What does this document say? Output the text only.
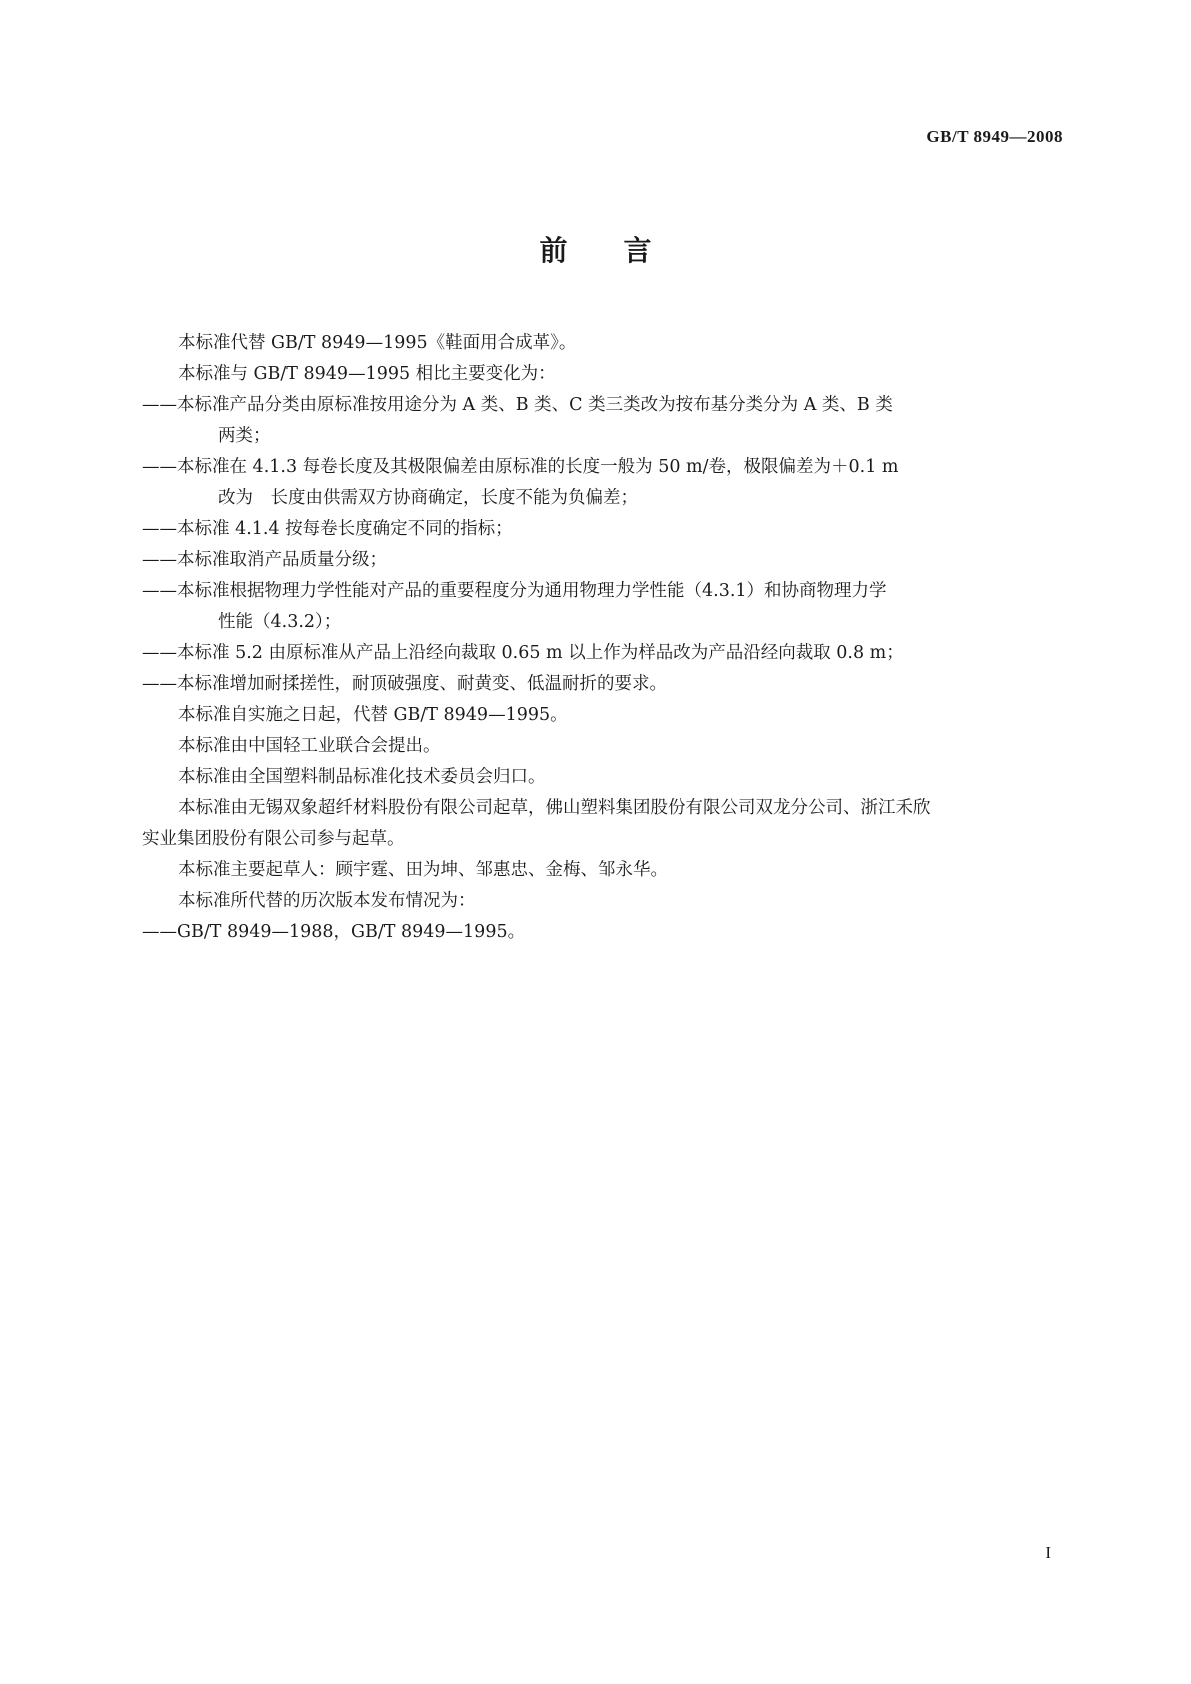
GB/T 8949—2008
前 言
本标准代替 GB/T 8949—1995《鞋面用合成革》。
本标准与 GB/T 8949—1995 相比主要变化为：
——本标准产品分类由原标准按用途分为 A 类、B 类、C 类三类改为按布基分类分为 A 类、B 类
两类；
——本标准在 4.1.3 每卷长度及其极限偏差由原标准的长度一般为 50 m/卷，极限偏差为＋0.1 m
改为　长度由供需双方协商确定，长度不能为负偏差；
——本标准 4.1.4 按每卷长度确定不同的指标；
——本标准取消产品质量分级；
——本标准根据物理力学性能对产品的重要程度分为通用物理力学性能（4.3.1）和协商物理力学
性能（4.3.2）；
——本标准 5.2 由原标准从产品上沿经向裁取 0.65 m 以上作为样品改为产品沿经向裁取 0.8 m；
——本标准增加耐揉搓性，耐顶破强度、耐黄变、低温耐折的要求。
本标准自实施之日起，代替 GB/T 8949—1995。
本标准由中国轻工业联合会提出。
本标准由全国塑料制品标准化技术委员会归口。
本标准由无锡双象超纤材料股份有限公司起草，佛山塑料集团股份有限公司双龙分公司、浙江禾欣
实业集团股份有限公司参与起草。
本标准主要起草人：顾宇霆、田为坤、邹惠忠、金梅、邹永华。
本标准所代替的历次版本发布情况为：
——GB/T 8949—1988，GB/T 8949—1995。
I
